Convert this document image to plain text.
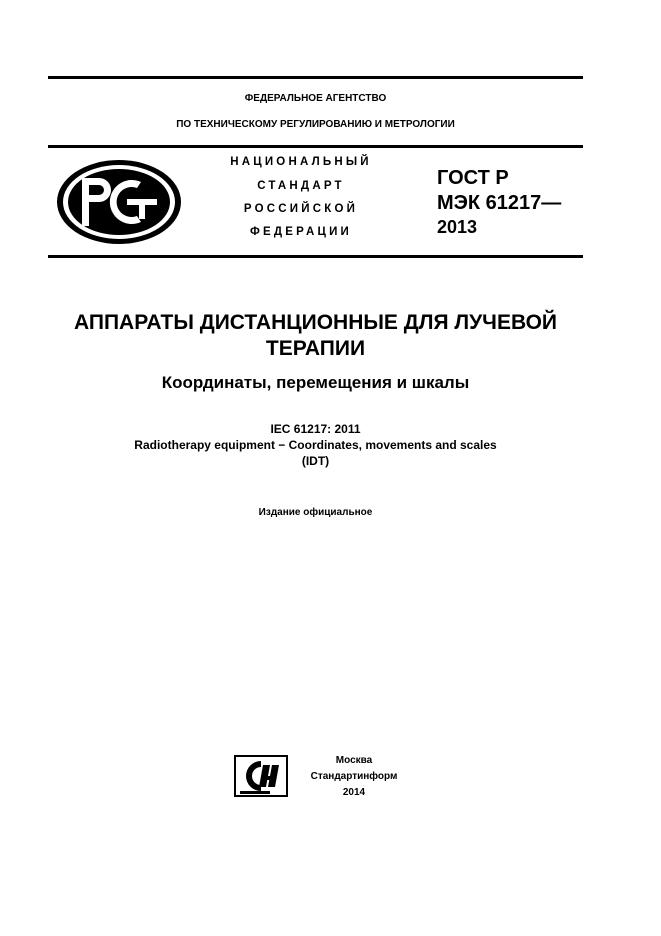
ФЕДЕРАЛЬНОЕ АГЕНТСТВО
ПО ТЕХНИЧЕСКОМУ РЕГУЛИРОВАНИЮ И МЕТРОЛОГИИ
НАЦИОНАЛЬНЫЙ
СТАНДАРТ
РОССИЙСКОЙ
ФЕДЕРАЦИИ
ГОСТ Р
МЭК 61217—
2013
АППАРАТЫ ДИСТАНЦИОННЫЕ ДЛЯ ЛУЧЕВОЙ
ТЕРАПИИ
Координаты, перемещения и шкалы
IEC 61217: 2011
Radiotherapy equipment − Coordinates, movements and scales
(IDT)
Издание официальное
Москва
Стандартинформ
2014
